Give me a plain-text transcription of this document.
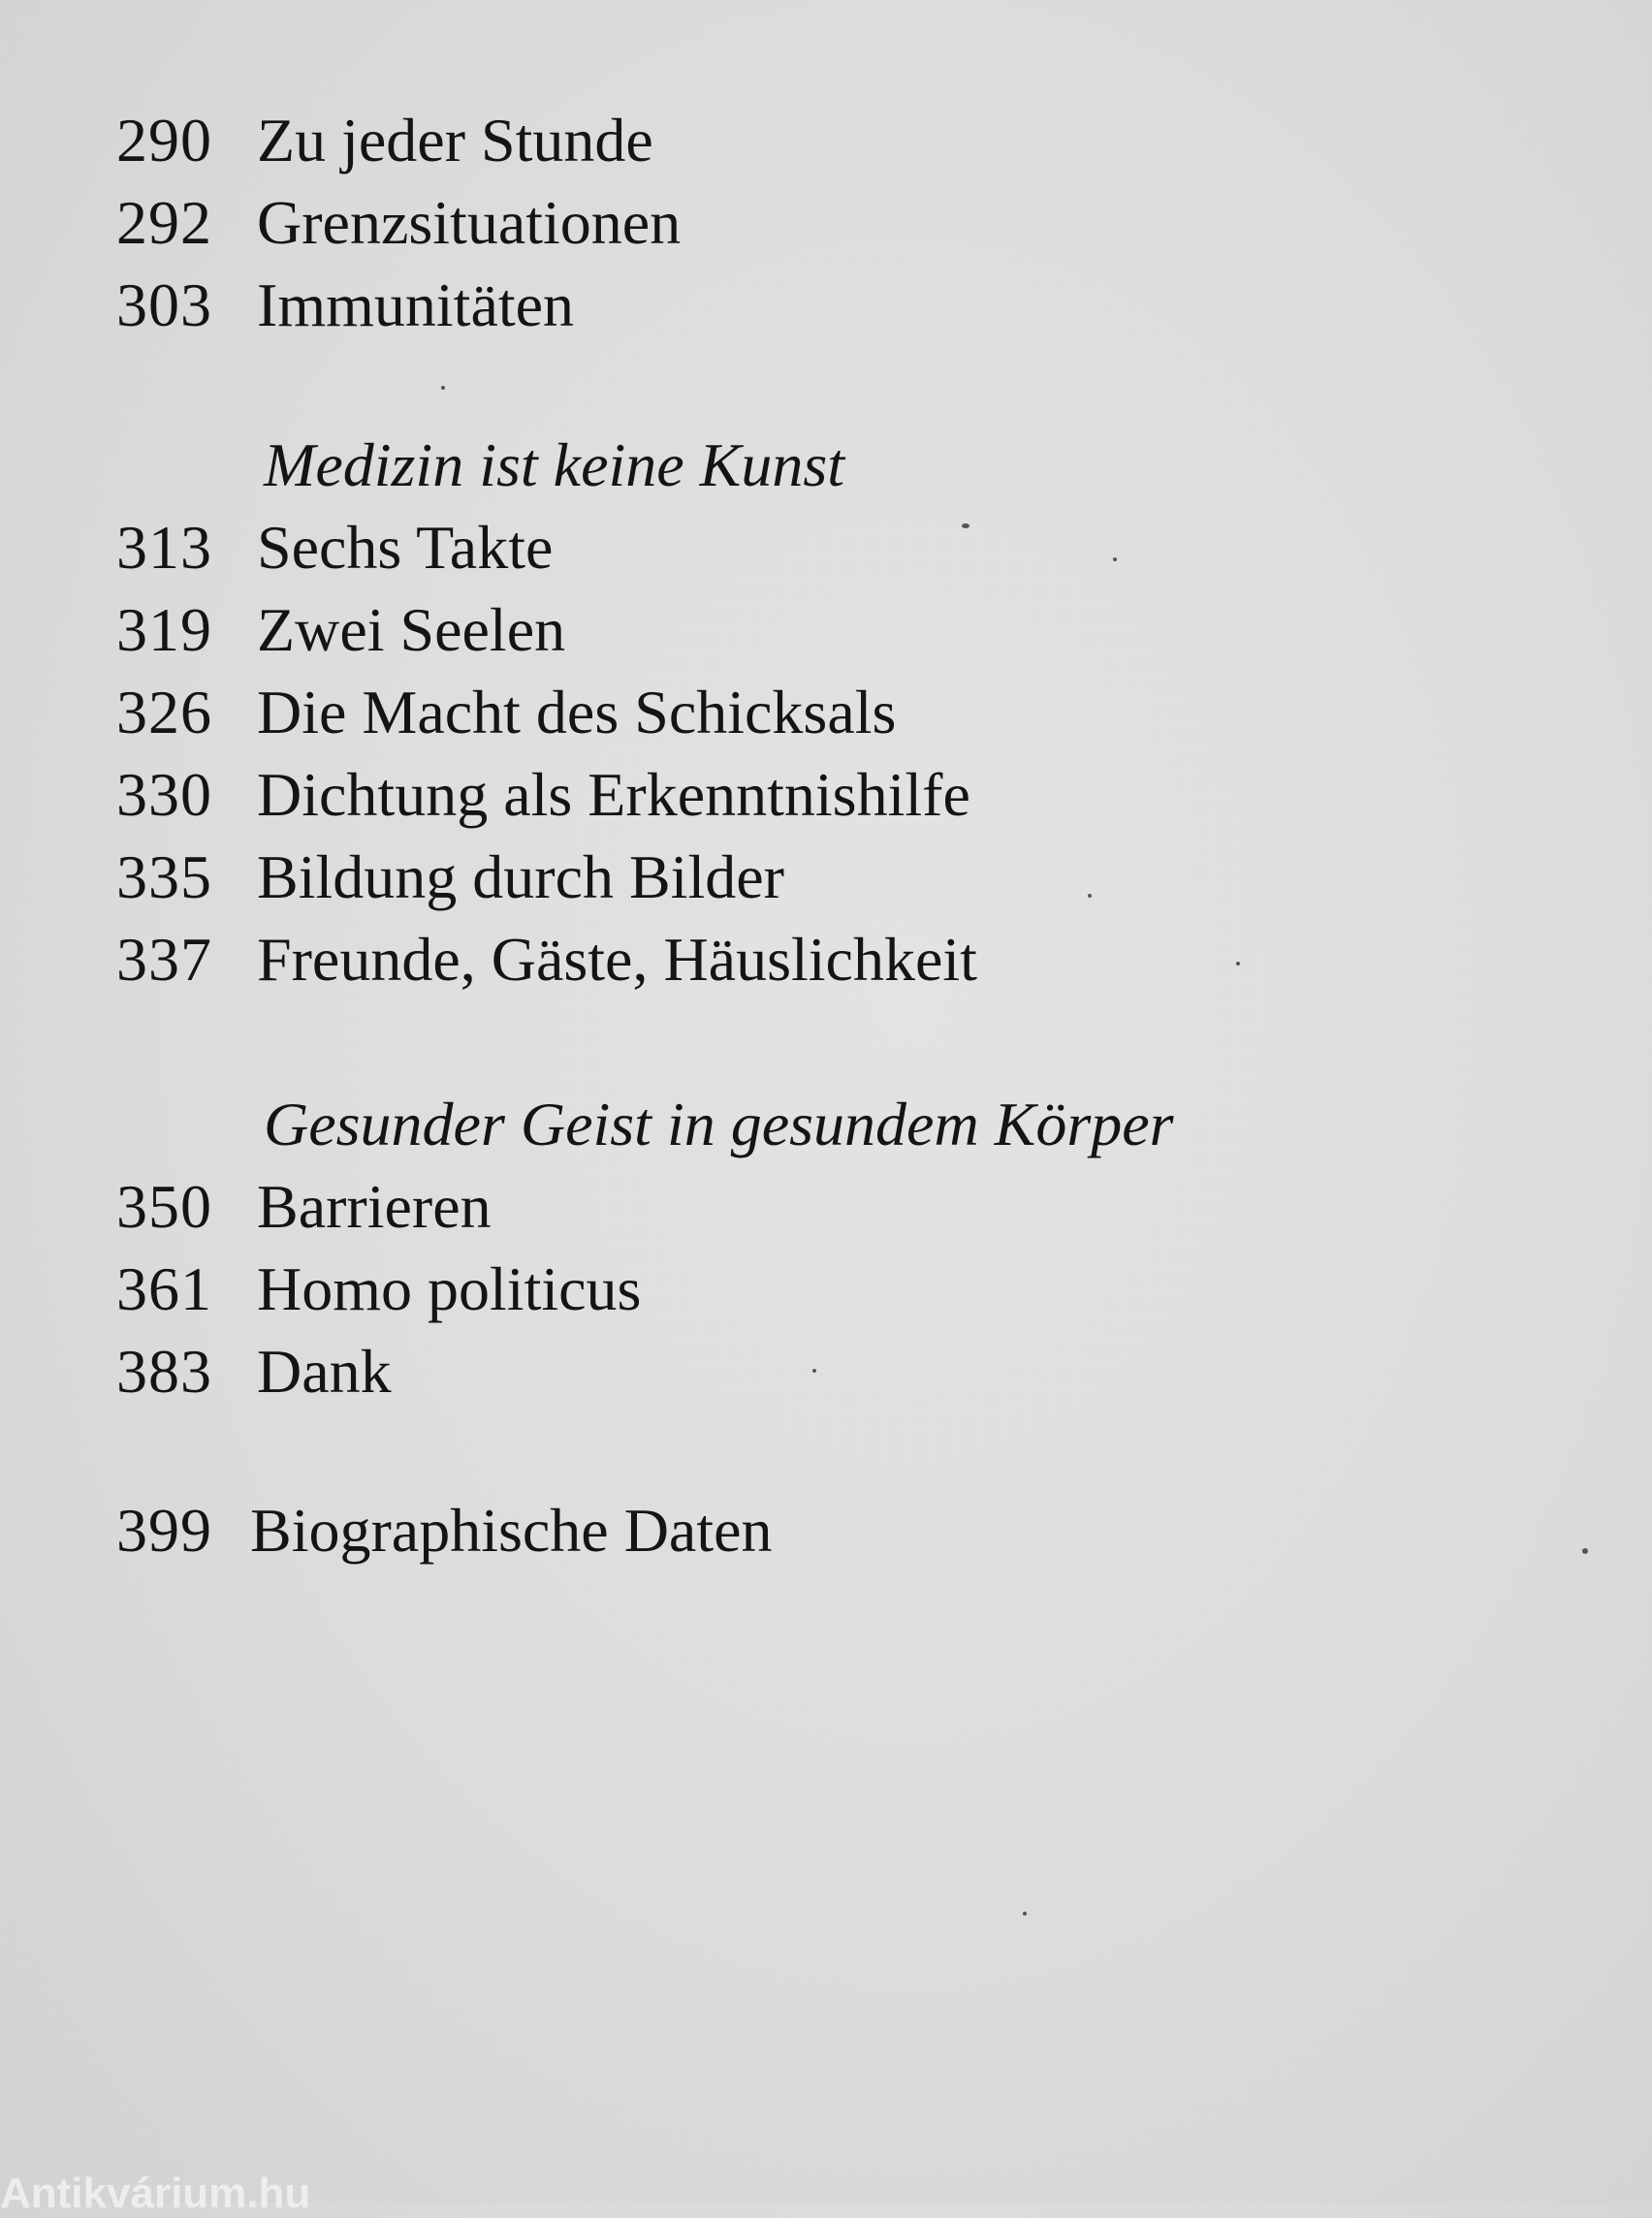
290 Zu jeder Stunde
292 Grenzsituationen
303 Immunitäten
Medizin ist keine Kunst
313 Sechs Takte
319 Zwei Seelen
326 Die Macht des Schicksals
330 Dichtung als Erkenntnishilfe
335 Bildung durch Bilder
337 Freunde, Gäste, Häuslichkeit
Gesunder Geist in gesundem Körper
350 Barrieren
361 Homo politicus
383 Dank
399 Biographische Daten
Antikvárium.hu
